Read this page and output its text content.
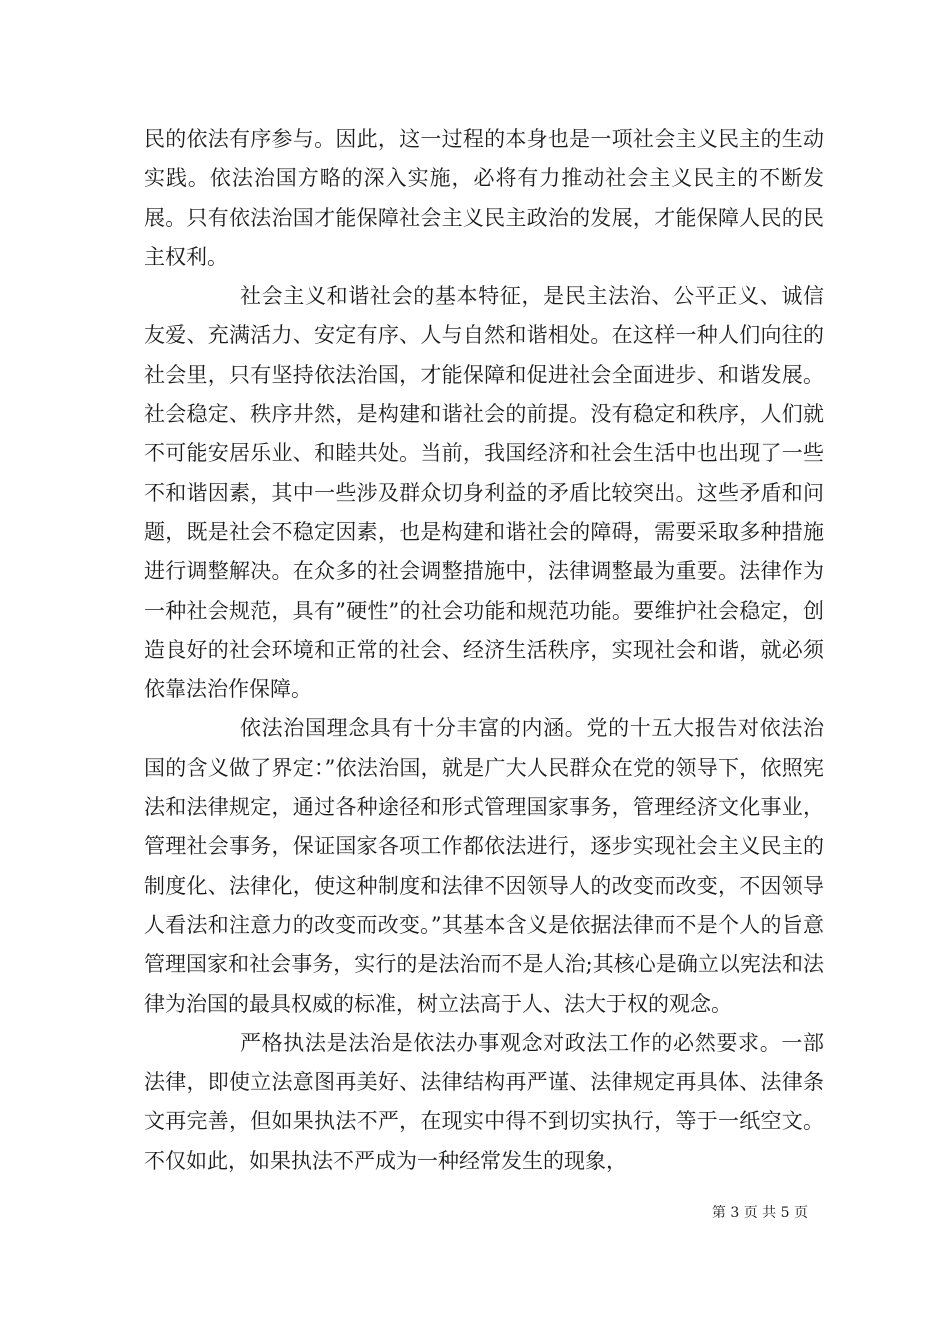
民的依法有序参与。因此，这一过程的本身也是一项社会主义民主的生动实践。依法治国方略的深入实施，必将有力推动社会主义民主的不断发展。只有依法治国才能保障社会主义民主政治的发展，才能保障人民的民主权利。

社会主义和谐社会的基本特征，是民主法治、公平正义、诚信友爱、充满活力、安定有序、人与自然和谐相处。在这样一种人们向往的社会里，只有坚持依法治国，才能保障和促进社会全面进步、和谐发展。社会稳定、秩序井然，是构建和谐社会的前提。没有稳定和秩序，人们就不可能安居乐业、和睦共处。当前，我国经济和社会生活中也出现了一些不和谐因素，其中一些涉及群众切身利益的矛盾比较突出。这些矛盾和问题，既是社会不稳定因素，也是构建和谐社会的障碍，需要采取多种措施进行调整解决。在众多的社会调整措施中，法律调整最为重要。法律作为一种社会规范，具有”硬性”的社会功能和规范功能。要维护社会稳定，创造良好的社会环境和正常的社会、经济生活秩序，实现社会和谐，就必须依靠法治作保障。

依法治国理念具有十分丰富的内涵。党的十五大报告对依法治国的含义做了界定：”依法治国，就是广大人民群众在党的领导下，依照宪法和法律规定，通过各种途径和形式管理国家事务，管理经济文化事业，管理社会事务，保证国家各项工作都依法进行，逐步实现社会主义民主的制度化、法律化，使这种制度和法律不因领导人的改变而改变，不因领导人看法和注意力的改变而改变。”其基本含义是依据法律而不是个人的旨意管理国家和社会事务，实行的是法治而不是人治;其核心是确立以宪法和法律为治国的最具权威的标准，树立法高于人、法大于权的观念。

严格执法是法治是依法办事观念对政法工作的必然要求。一部法律，即使立法意图再美好、法律结构再严谨、法律规定再具体、法律条文再完善，但如果执法不严，在现实中得不到切实执行，等于一纸空文。不仅如此，如果执法不严成为一种经常发生的现象，

第 3 页 共 5 页
